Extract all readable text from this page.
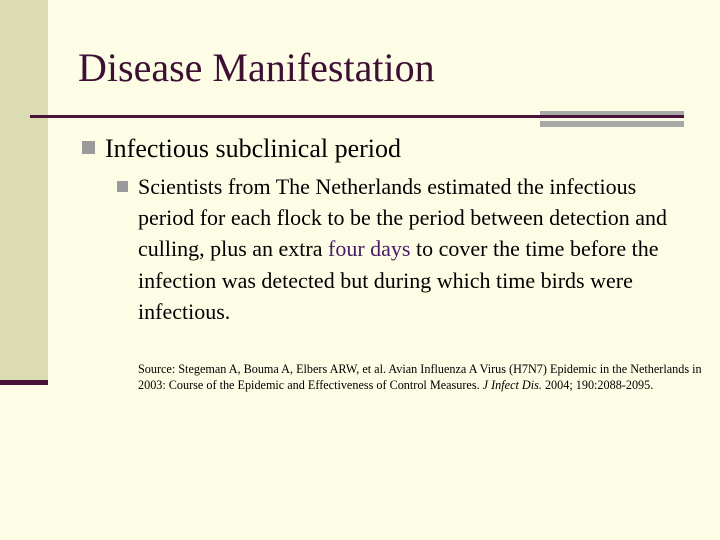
Disease Manifestation
Infectious subclinical period
Scientists from The Netherlands estimated the infectious period for each flock to be the period between detection and culling, plus an extra four days to cover the time before the infection was detected but during which time birds were infectious.
Source: Stegeman A, Bouma A, Elbers ARW, et al. Avian Influenza A Virus (H7N7) Epidemic in the Netherlands in 2003: Course of the Epidemic and Effectiveness of Control Measures. J Infect Dis. 2004; 190:2088-2095.
